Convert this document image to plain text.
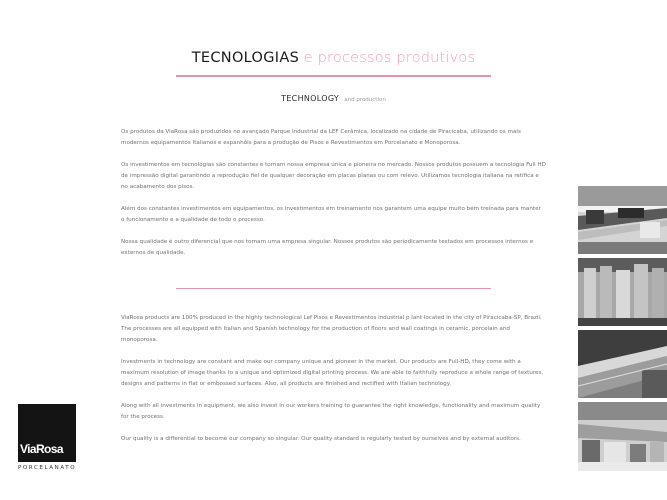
TECNOLOGIAS e processos produtivos
TECHNOLOGY and production

Os produtos da ViaRosa são produzidos no avançado Parque Industrial da LEF Cerâmica, localizado na cidade de Piracicaba, utilizando os mais modernos equipamentos Italianos e espanhóis para a produção de Pisos e Revestimentos em Porcelanato e Monoporosa.

Os investimentos em tecnologias são constantes e tornam nossa empresa única e pioneira no mercado. Nossos produtos possuem a tecnologia Full HD de impressão digital garantindo a reprodução fiel de qualquer decoração em placas planas ou com relevo. Utilizamos tecnologia italiana na retífica e no acabamento dos pisos.

Além dos constantes investimentos em equipamentos, os investimentos em treinamento nos garantem uma equipe muito bem treinada para manter o funcionamento e a qualidade de todo o processo.

Nossa qualidade é outro diferencial que nos tornam uma empresa singular. Nossos produtos são periodicamente testados em processos internos e externos de qualidade.

ViaRosa products are 100% produced in the highly technological Lef Pisos e Revestimentos industrial p lant located in the city of Piracicaba-SP, Brazil. The processes are all equipped with Italian and Spanish technology for the production of floors and wall coatings in ceramic, porcelain and monoporosa.

Investments in technology are constant and make our company unique and pioneer in the market. Our products are Full-HD, they come with a maximum resolution of image thanks to a unique and optimized digital printing process. We are able to faithfully reproduce a whole range of textures, designs and patterns in flat or embossed surfaces. Also, all products are finished and rectified with Italian technology.

Along with all investments in equipment, we also invest in our workers training to guarantee the right knowledge, functionality and maximum quality for the process.

Our quality is a differential to become our company so singular. Our quality standard is regularly tested by ourselves and by external auditors.

ViaRosa
PORCELANATO
